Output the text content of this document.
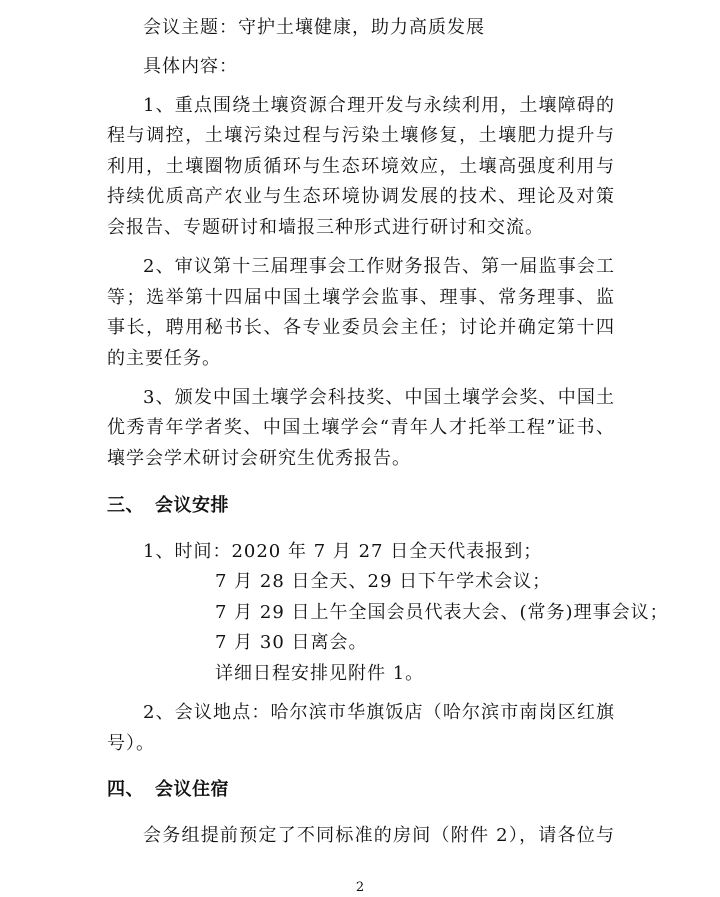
会议主题：守护土壤健康，助力高质发展
具体内容：
1、重点围绕土壤资源合理开发与永续利用，土壤障碍的
程与调控，土壤污染过程与污染土壤修复，土壤肥力提升与
利用，土壤圈物质循环与生态环境效应，土壤高强度利用与
持续优质高产农业与生态环境协调发展的技术、理论及对策
会报告、专题研讨和墙报三种形式进行研讨和交流。
2、审议第十三届理事会工作财务报告、第一届监事会工
等；选举第十四届中国土壤学会监事、理事、常务理事、监
事长，聘用秘书长、各专业委员会主任；讨论并确定第十四
的主要任务。
3、颁发中国土壤学会科技奖、中国土壤学会奖、中国土
优秀青年学者奖、中国土壤学会“青年人才托举工程”证书、
壤学会学术研讨会研究生优秀报告。
三、 会议安排
1、时间：2020 年 7 月 27 日全天代表报到；
7 月 28 日全天、29 日下午学术会议；
7 月 29 日上午全国会员代表大会、(常务)理事会议；
7 月 30 日离会。
详细日程安排见附件 1。
2、会议地点：哈尔滨市华旗饭店（哈尔滨市南岗区红旗
号）。
四、 会议住宿
会务组提前预定了不同标准的房间（附件 2），请各位与
2
